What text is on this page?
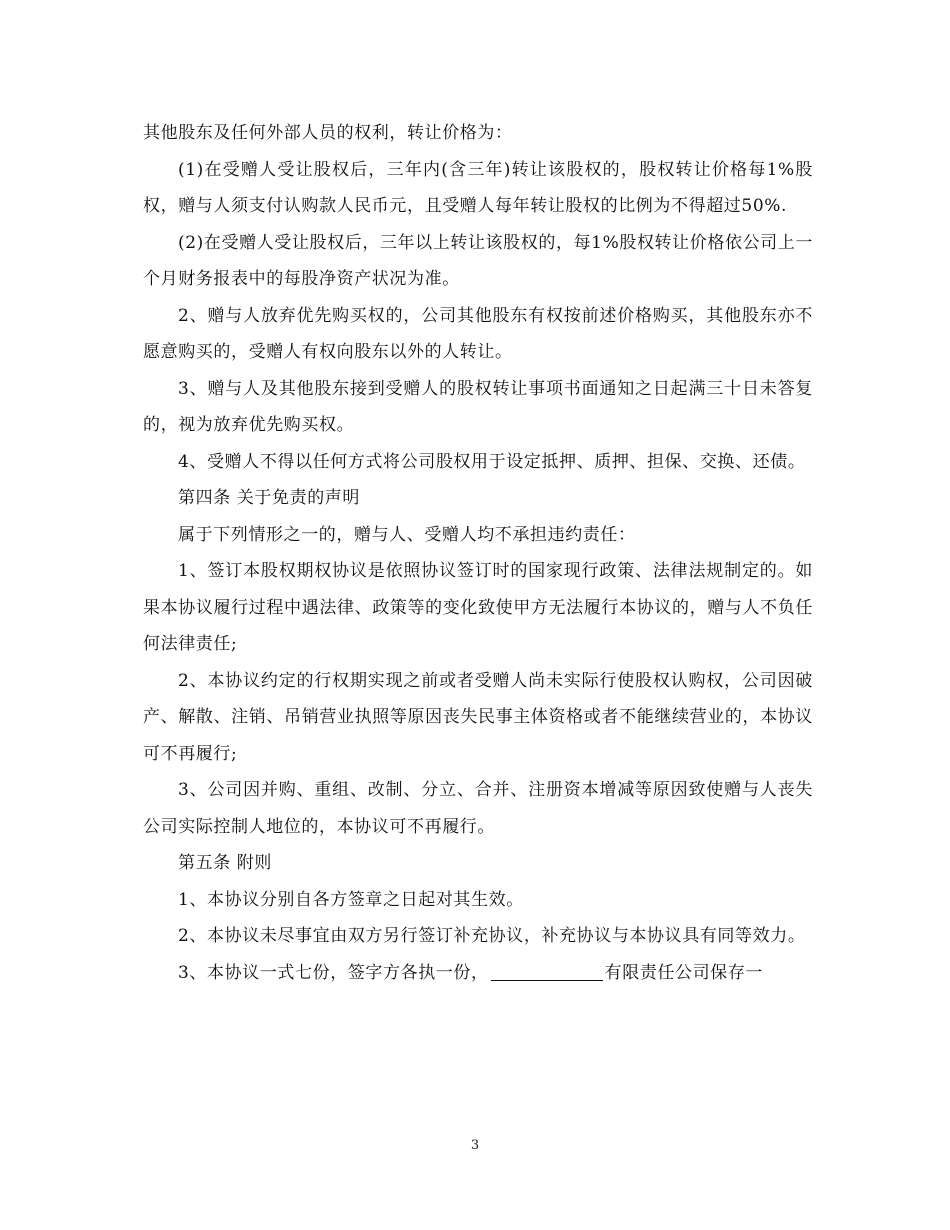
其他股东及任何外部人员的权利，转让价格为：

(1)在受赠人受让股权后，三年内(含三年)转让该股权的，股权转让价格每1%股权，赠与人须支付认购款人民币元，且受赠人每年转让股权的比例为不得超过50%.

(2)在受赠人受让股权后，三年以上转让该股权的，每1%股权转让价格依公司上一个月财务报表中的每股净资产状况为准。

2、赠与人放弃优先购买权的，公司其他股东有权按前述价格购买，其他股东亦不愿意购买的，受赠人有权向股东以外的人转让。

3、赠与人及其他股东接到受赠人的股权转让事项书面通知之日起满三十日未答复的，视为放弃优先购买权。

4、受赠人不得以任何方式将公司股权用于设定抵押、质押、担保、交换、还债。

第四条 关于免责的声明

属于下列情形之一的，赠与人、受赠人均不承担违约责任：

1、签订本股权期权协议是依照协议签订时的国家现行政策、法律法规制定的。如果本协议履行过程中遇法律、政策等的变化致使甲方无法履行本协议的，赠与人不负任何法律责任;

2、本协议约定的行权期实现之前或者受赠人尚未实际行使股权认购权，公司因破产、解散、注销、吊销营业执照等原因丧失民事主体资格或者不能继续营业的，本协议可不再履行;

3、公司因并购、重组、改制、分立、合并、注册资本增减等原因致使赠与人丧失公司实际控制人地位的，本协议可不再履行。

第五条 附则

1、本协议分别自各方签章之日起对其生效。

2、本协议未尽事宜由双方另行签订补充协议，补充协议与本协议具有同等效力。

3、本协议一式七份，签字方各执一份，	有限责任公司保存一

3
